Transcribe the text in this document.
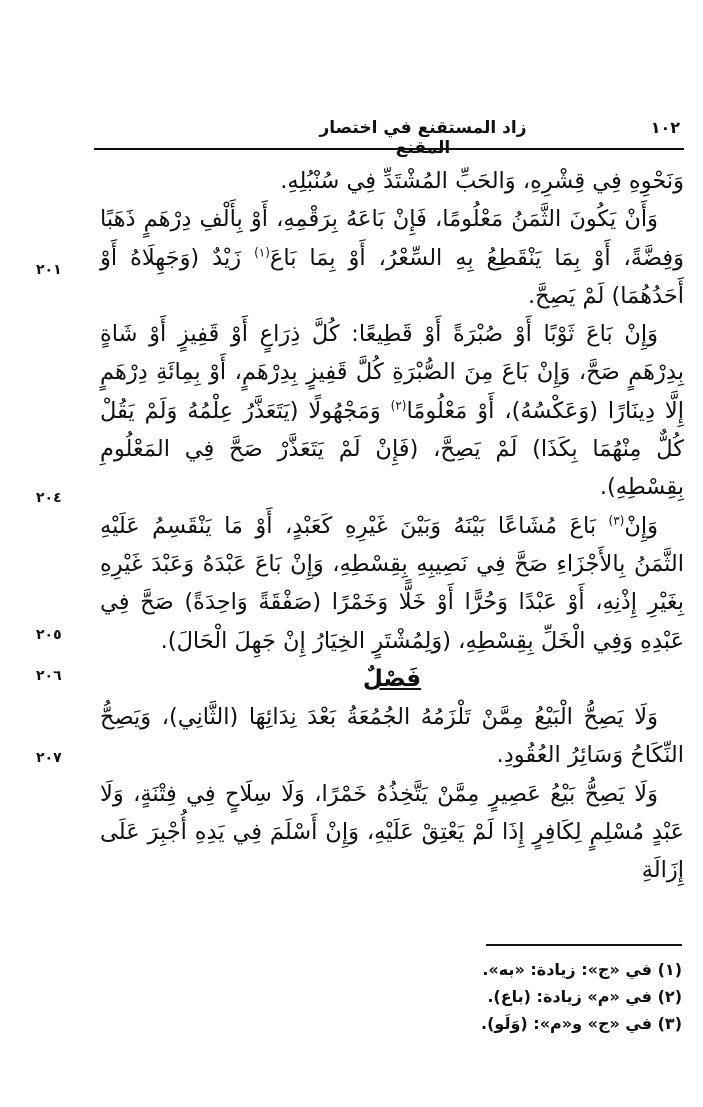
١٠٢
زاد المستقنع في اختصار المقنع

وَنَحْوِهِ فِي قِشْرِهِ، وَالحَبِّ المُشْتَدِّ فِي سُنْبُلِهِ.

وَأَنْ يَكُونَ الثَّمَنُ مَعْلُومًا، فَإِنْ بَاعَهُ بِرَقْمِهِ، أَوْ بِأَلْفِ دِرْهَمٍ ذَهَبًا وَفِضَّةً، أَوْ بِمَا يَنْقَطِعُ بِهِ السِّعْرُ، أَوْ بِمَا بَاعَ$^{(١)}$ زَيْدٌ (وَجَهِلَاهُ أَوْ أَحَدُهُمَا) لَمْ يَصِحَّ.

وَإِنْ بَاعَ ثَوْبًا أَوْ صُبْرَةً أَوْ قَطِيعًا: كُلَّ ذِرَاعٍ أَوْ قَفِيزٍ أَوْ شَاةٍ بِدِرْهَمٍ صَحَّ، وَإِنْ بَاعَ مِنَ الصُّبْرَةِ كُلَّ قَفِيزٍ بِدِرْهَمٍ، أَوْ بِمِائَةِ دِرْهَمٍ إِلَّا دِينَارًا (وَعَكْسُهُ)، أَوْ مَعْلُومًا$^{(٢)}$ وَمَجْهُولًا (يَتَعَذَّرُ عِلْمُهُ وَلَمْ يَقُلْ كُلٌّ مِنْهُمَا بِكَذَا) لَمْ يَصِحَّ، (فَإِنْ لَمْ يَتَعَذَّرْ صَحَّ فِي المَعْلُومِ بِقِسْطِهِ).

وَإِنْ$^{(٣)}$ بَاعَ مُشَاعًا بَيْنَهُ وَبَيْنَ غَيْرِهِ كَعَبْدٍ، أَوْ مَا يَنْقَسِمُ عَلَيْهِ الثَّمَنُ بِالأَجْزَاءِ صَحَّ فِي نَصِيبِهِ بِقِسْطِهِ، وَإِنْ بَاعَ عَبْدَهُ وَعَبْدَ غَيْرِهِ بِغَيْرِ إِذْنِهِ، أَوْ عَبْدًا وَحُرًّا أَوْ خَلًّا وَخَمْرًا (صَفْقَةً وَاحِدَةً) صَحَّ فِي عَبْدِهِ وَفِي الْخَلِّ بِقِسْطِهِ، (وَلِمُشْتَرٍ الخِيَارُ إِنْ جَهِلَ الْحَالَ).

فَصْلٌ

وَلَا يَصِحُّ الْبَيْعُ مِمَّنْ تَلْزَمُهُ الجُمُعَةُ بَعْدَ نِدَائِهَا (الثَّانِي)، وَيَصِحُّ النِّكَاحُ وَسَائِرُ العُقُودِ.

وَلَا يَصِحُّ بَيْعُ عَصِيرٍ مِمَّنْ يَتَّخِذُهُ خَمْرًا، وَلَا سِلَاحٍ فِي فِتْنَةٍ، وَلَا عَبْدٍ مُسْلِمٍ لِكَافِرٍ إِذَا لَمْ يَعْتِقْ عَلَيْهِ، وَإِنْ أَسْلَمَ فِي يَدِهِ أُجْبِرَ عَلَى إِزَالَةِ

٢٠١
٢٠٤
٢٠٥
٢٠٦
٢٠٧
(١) في «ج»: زيادة: «به».
(٢) في «م» زيادة: (باع).
(٣) في «ج» و«م»: (وَلَو).
